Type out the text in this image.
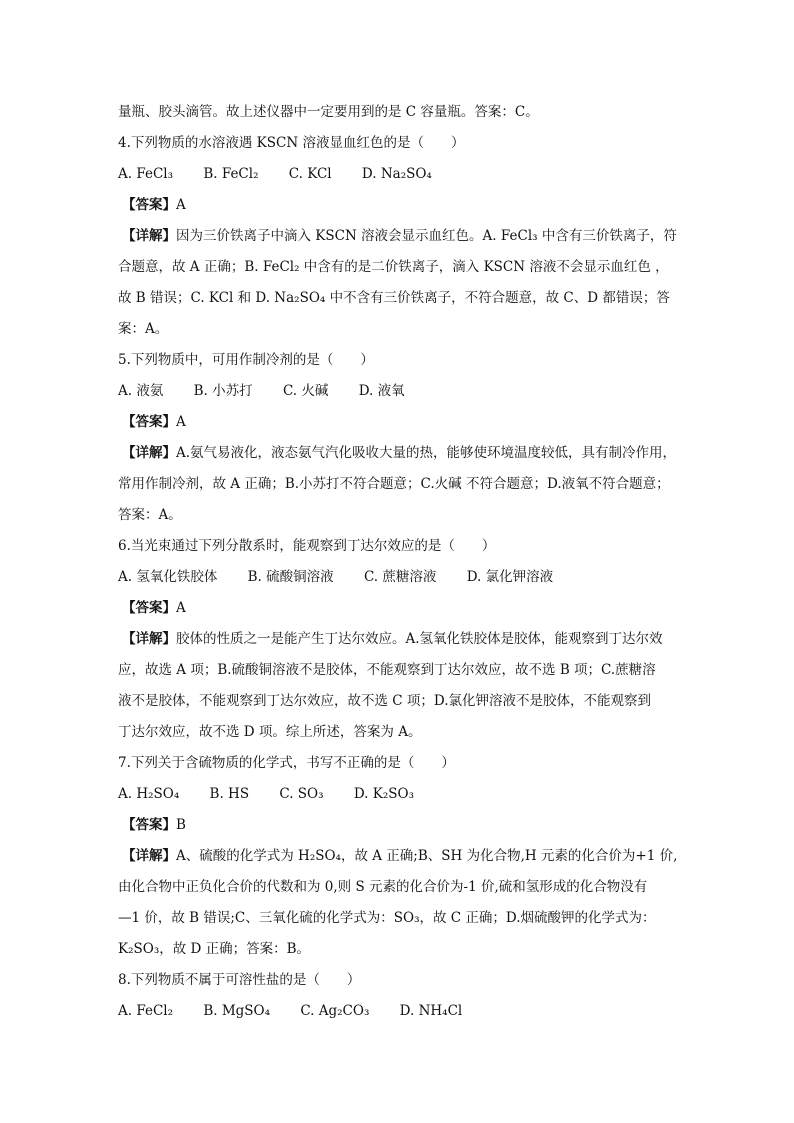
量瓶、胶头滴管。故上述仪器中一定要用到的是 C 容量瓶。答案：C。
4.下列物质的水溶液遇 KSCN 溶液显血红色的是（　　）
A. FeCl₃ B. FeCl₂ C. KCl D. Na₂SO₄
【答案】A
【详解】因为三价铁离子中滴入 KSCN 溶液会显示血红色。A. FeCl₃ 中含有三价铁离子，符
合题意，故 A 正确；B. FeCl₂ 中含有的是二价铁离子，滴入 KSCN 溶液不会显示血红色 ，
故 B 错误；C. KCl 和 D. Na₂SO₄ 中不含有三价铁离子，不符合题意，故 C、D 都错误；答
案：A。
5.下列物质中，可用作制冷剂的是（　　）
A. 液氨 B. 小苏打 C. 火碱 D. 液氧
【答案】A
【详解】A.氨气易液化，液态氨气汽化吸收大量的热，能够使环境温度较低，具有制冷作用，
常用作制冷剂，故 A 正确；B.小苏打不符合题意；C.火碱 不符合题意；D.液氧不符合题意；
答案：A。
6.当光束通过下列分散系时，能观察到丁达尔效应的是（　　）
A. 氢氧化铁胶体 B. 硫酸铜溶液 C. 蔗糖溶液 D. 氯化钾溶液
【答案】A
【详解】胶体的性质之一是能产生丁达尔效应。A.氢氧化铁胶体是胶体，能观察到丁达尔效
应，故选 A 项；B.硫酸铜溶液不是胶体，不能观察到丁达尔效应，故不选 B 项；C.蔗糖溶
液不是胶体，不能观察到丁达尔效应，故不选 C 项；D.氯化钾溶液不是胶体，不能观察到
丁达尔效应，故不选 D 项。综上所述，答案为 A。
7.下列关于含硫物质的化学式，书写不正确的是（　　）
A. H₂SO₄ B. HS C. SO₃ D. K₂SO₃
【答案】B
【详解】A、硫酸的化学式为 H₂SO₄，故 A 正确;B、SH 为化合物,H 元素的化合价为+1 价,
由化合物中正负化合价的代数和为 0,则 S 元素的化合价为-1 价,硫和氢形成的化合物没有
—1 价，故 B 错误;C、三氧化硫的化学式为：SO₃，故 C 正确；D.烟硫酸钾的化学式为：
K₂SO₃，故 D 正确；答案：B。
8.下列物质不属于可溶性盐的是（　　）
A. FeCl₂ B. MgSO₄ C. Ag₂CO₃ D. NH₄Cl
